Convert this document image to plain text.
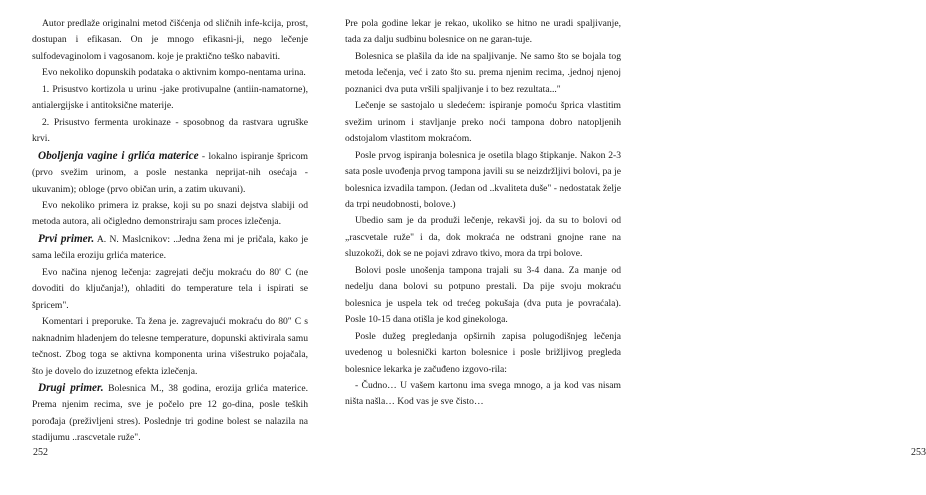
Autor predlaže originalni metod čišćenja od sličnih infe-kcija, prost, dostupan i efikasan. On je mnogo efikasni-ji, nego lečenje sulfodevaginolom i vagosanom. koje je praktično teško nabaviti.

Evo nekoliko dopunskih podataka o aktivnim kompo-nentama urina.

1. Prisustvo kortizola u urinu -jake protivupalne (antiin-namatorne), antialergijske i antitoksične materije.

2. Prisustvo fermenta urokinaze - sposobnog da rastvara ugruške krvi.

Oboljenja vagine i grlića materice - lokalno ispiranje špricom (prvo svežim urinom, a posle nestanka neprijat-nih osećaja - ukuvanim); obloge (prvo običan urin, a zatim ukuvani).

Evo nekoliko primera iz prakse, koji su po snazi dejstva slabiji od metoda autora, ali očigledno demonstriraju sam proces izlečenja.

Prvi primer. A. N. Maslcnikov: ..Jedna žena mi je pričala, kako je sama lečila eroziju grlića materice.

Evo načina njenog lečenja: zagrejati dečju mokraću do 80' C (ne dovoditi do ključanja!), ohladiti do temperature tela i ispirati se špricem".

Komentari i preporuke. Ta žena je. zagrevajući mokraću do 80" C s naknadnim hladenjem do telesne temperature, dopunski aktivirala samu tečnost. Zbog toga se aktivna komponenta urina višestruko pojačala, što je dovelo do izuzetnog efekta izlečenja.

Drugi primer. Bolesnica M., 38 godina, erozija grlića materice. Prema njenim recima, sve je počelo pre 12 go-dina, posle teških porođaja (preživljeni stres). Poslednje tri godine bolest se nalazila na stadijumu ..rascvetale ruže".

252

Pre pola godine lekar je rekao, ukoliko se hitno ne uradi spaljivanje, tada za dalju sudbinu bolesnice on ne garan-tuje.

Bolesnica se plašila da ide na spaljivanje. Ne samo što se bojala tog metoda lečenja, već i zato što su. prema njenim recima, .jednoj njenoj poznanici dva puta vršili spaljivanje i to bez rezultata..."

Lečenje se sastojalo u sledećem: ispiranje pomoću šprica vlastitim svežim urinom i stavljanje preko noći tampona dobro natopljenih odstojalom vlastitom mokraćom.

Posle prvog ispiranja bolesnica je osetila blago štipkanje. Nakon 2-3 sata posle uvođenja prvog tampona javili su se neizdržljivi bolovi, pa je bolesnica izvadila tampon. (Jedan od ..kvaliteta duše" - nedostatak želje da trpi neudobnosti, bolove.)

Ubedio sam je da produži lečenje, rekavši joj. da su to bolovi od „rascvetale ruže" i da, dok mokraća ne odstrani gnojne rane na sluzokoži, dok se ne pojavi zdravo tkivo, mora da trpi bolove.

Bolovi posle unošenja tampona trajali su 3-4 dana. Za manje od nedelju dana bolovi su potpuno prestali. Da pije svoju mokraću bolesnica je uspela tek od trećeg pokušaja (dva puta je povraćala). Posle 10-15 dana otišla je kod ginekologa.

Posle dužeg pregledanja opširnih zapisa polugodišnjeg lečenja uvedenog u bolesnički karton bolesnice i posle brižljivog pregleda bolesnice lekarka je začuđeno izgovo-rila:

- Čudno… U vašem kartonu ima svega mnogo, a ja kod vas nisam ništa našla… Kod vas je sve čisto…

253
